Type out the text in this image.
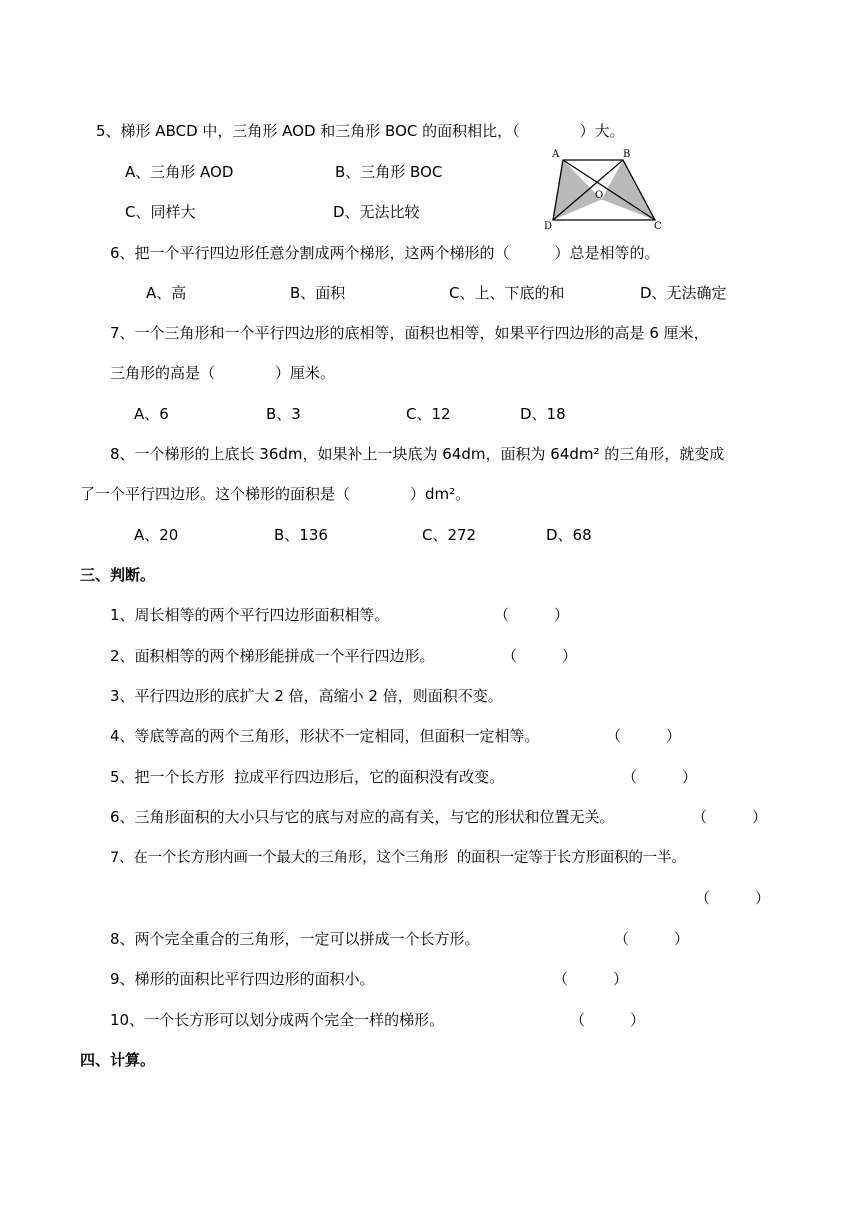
5、梯形 ABCD 中，三角形 AOD 和三角形 BOC 的面积相比，（　　　　）大。
A、三角形 AOD	B、三角形 BOC
C、同样大	D、无法比较
A	B
C
D
O
6、把一个平行四边形任意分割成两个梯形，这两个梯形的（　　　）总是相等的。
A、高	B、面积	C、上、下底的和	D、无法确定
7、一个三角形和一个平行四边形的底相等，面积也相等，如果平行四边形的高是 6 厘米，
三角形的高是（　　　　）厘米。
A、6	B、3	C、12	D、18
8、一个梯形的上底长 36dm，如果补上一块底为 64dm，面积为 64dm² 的三角形，就变成
了一个平行四边形。这个梯形的面积是（　　　　）dm²。
A、20	B、136	C、272	D、68
三、判断。
1、周长相等的两个平行四边形面积相等。	（　　　）
2、面积相等的两个梯形能拼成一个平行四边形。	（　　　）
3、平行四边形的底扩大 2 倍，高缩小 2 倍，则面积不变。
4、等底等高的两个三角形，形状不一定相同，但面积一定相等。	（　　　）
5、把一个长方形  拉成平行四边形后，它的面积没有改变。	（　　　）
6、三角形面积的大小只与它的底与对应的高有关，与它的形状和位置无关。	（　　　）
7、在一个长方形内画一个最大的三角形，这个三角形  的面积一定等于长方形面积的一半。
（　　　）
8、两个完全重合的三角形，一定可以拼成一个长方形。	（　　　）
9、梯形的面积比平行四边形的面积小。	（　　　）
10、一个长方形可以划分成两个完全一样的梯形。	（　　　）
四、计算。
